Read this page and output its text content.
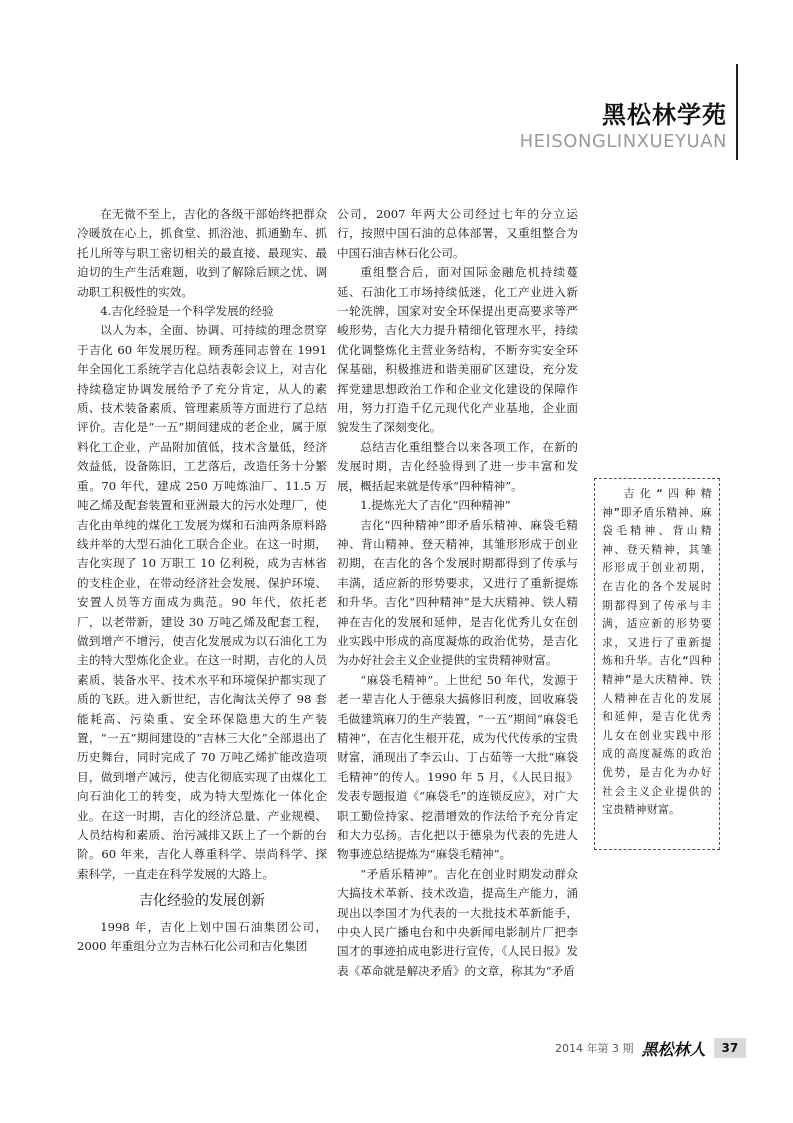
黑松林学苑
HEISONGLINXUEYUAN

在无微不至上，吉化的各级干部始终把群众冷暖放在心上，抓食堂、抓浴池、抓通勤车、抓托儿所等与职工密切相关的最直接、最现实、最迫切的生产生活难题，收到了解除后顾之忧、调动职工积极性的实效。

4.吉化经验是一个科学发展的经验

以人为本，全面、协调、可持续的理念贯穿于吉化 60 年发展历程。顾秀莲同志曾在 1991 年全国化工系统学吉化总结表彰会议上，对吉化持续稳定协调发展给予了充分肯定，从人的素质、技术装备素质、管理素质等方面进行了总结评价。吉化是“一五”期间建成的老企业，属于原料化工企业，产品附加值低，技术含量低，经济效益低，设备陈旧，工艺落后，改造任务十分繁重。70 年代，建成 250 万吨炼油厂、11.5 万吨乙烯及配套装置和亚洲最大的污水处理厂，使吉化由单纯的煤化工发展为煤和石油两条原料路线并举的大型石油化工联合企业。在这一时期，吉化实现了 10 万职工 10 亿利税，成为吉林省的支柱企业，在带动经济社会发展、保护环境、安置人员等方面成为典范。90 年代，依托老厂，以老带新，建设 30 万吨乙烯及配套工程，做到增产不增污，使吉化发展成为以石油化工为主的特大型炼化企业。在这一时期，吉化的人员素质、装备水平、技术水平和环境保护都实现了质的飞跃。进入新世纪，吉化淘汰关停了 98 套能耗高、污染重、安全环保隐患大的生产装置，“一五”期间建设的“吉林三大化”全部退出了历史舞台，同时完成了 70 万吨乙烯扩能改造项目，做到增产减污，使吉化彻底实现了由煤化工向石油化工的转变，成为特大型炼化一体化企业。在这一时期，吉化的经济总量、产业规模、人员结构和素质、治污减排又跃上了一个新的台阶。60 年来，吉化人尊重科学、崇尚科学、探索科学，一直走在科学发展的大路上。

吉化经验的发展创新

1998 年，吉化上划中国石油集团公司，2000 年重组分立为吉林石化公司和吉化集团

公司，2007 年两大公司经过七年的分立运行，按照中国石油的总体部署，又重组整合为中国石油吉林石化公司。

重组整合后，面对国际金融危机持续蔓延、石油化工市场持续低迷，化工产业进入新一轮洗牌，国家对安全环保提出更高要求等严峻形势，吉化大力提升精细化管理水平，持续优化调整炼化主营业务结构，不断夯实安全环保基础，积极推进和谐美丽矿区建设，充分发挥党建思想政治工作和企业文化建设的保障作用，努力打造千亿元现代化产业基地，企业面貌发生了深刻变化。

总结吉化重组整合以来各项工作，在新的发展时期，吉化经验得到了进一步丰富和发展，概括起来就是传承“四种精神”。

1.提炼光大了吉化“四种精神”

吉化“四种精神”即矛盾乐精神、麻袋毛精神、背山精神、登天精神，其雏形形成于创业初期，在吉化的各个发展时期都得到了传承与丰满，适应新的形势要求，又进行了重新提炼和升华。吉化“四种精神”是大庆精神、铁人精神在吉化的发展和延伸，是吉化优秀儿女在创业实践中形成的高度凝炼的政治优势，是吉化为办好社会主义企业提供的宝贵精神财富。

“麻袋毛精神”。上世纪 50 年代，发源于老一辈吉化人于德泉大搞修旧利废，回收麻袋毛做建筑麻刀的生产装置，“一五”期间“麻袋毛精神”，在吉化生根开花，成为代代传承的宝贵财富，涌现出了李云山、丁占茹等一大批“麻袋毛精神”的传人。1990 年 5 月，《人民日报》发表专题报道《“麻袋毛”的连锁反应》，对广大职工勤俭持家、挖潜增效的作法给予充分肯定和大力弘扬。吉化把以于德泉为代表的先进人物事迹总结提炼为“麻袋毛精神”。

“矛盾乐精神”。吉化在创业时期发动群众大搞技术革新、技术改造，提高生产能力，涌现出以李国才为代表的一大批技术革新能手，中央人民广播电台和中央新闻电影制片厂把李国才的事迹拍成电影进行宣传，《人民日报》发表《革命就是解决矛盾》的文章，称其为“矛盾

吉化“四种精神”即矛盾乐精神、麻袋毛精神、背山精神、登天精神，其雏形形成于创业初期，在吉化的各个发展时期都得到了传承与丰满，适应新的形势要求，又进行了重新提炼和升华。吉化“四种精神”是大庆精神、铁人精神在吉化的发展和延伸，是吉化优秀儿女在创业实践中形成的高度凝炼的政治优势，是吉化为办好社会主义企业提供的宝贵精神财富。

2014 年第 3 期 黑松林人	37
